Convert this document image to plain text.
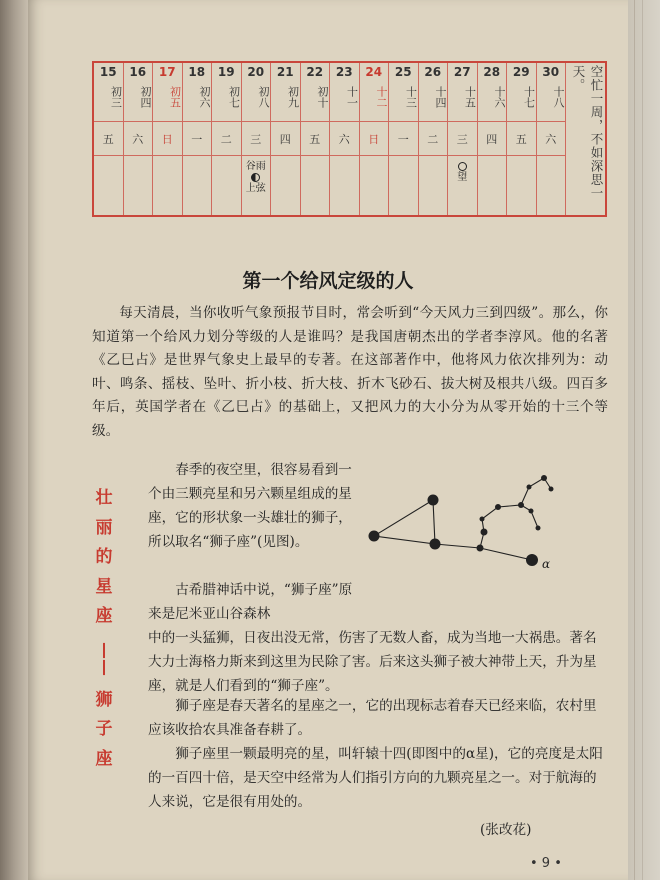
15
初三
五
16
初四
六
17
初五
日
18
初六
一
19
初七
二
20
初八
三
谷雨
上弦
21
初九
四
22
初十
五
23
十一
六
24
十二
日
25
十三
一
26
十四
二
27
十五
三
望
28
十六
四
29
十七
五
30
十八
六	空忙一周，不如深思一天。
第一个给风定级的人

每天清晨，当你收听气象预报节目时，常会听到“今天风力三到四级”。那么，你知道第一个给风力划分等级的人是谁吗？是我国唐朝杰出的学者李淳风。他的名著《乙巳占》是世界气象史上最早的专著。在这部著作中，他将风力依次排列为：动叶、鸣条、摇枝、坠叶、折小枝、折大枝、折木飞砂石、拔大树及根共八级。四百多年后，英国学者在《乙巳占》的基础上，又把风力的大小分为从零开始的十三个等级。

壮
丽
的
星
座
——
狮
子
座

春季的夜空里，很容易看到一个由三颗亮星和另六颗星组成的星座，它的形状象一头雄壮的狮子，所以取名“狮子座”(见图)。

古希腊神话中说，“狮子座”原来是尼米亚山谷森林

中的一头猛狮，日夜出没无常，伤害了无数人畜，成为当地一大祸患。著名大力士海格力斯来到这里为民除了害。后来这头狮子被大神带上天，升为星座，就是人们看到的“狮子座”。

狮子座是春天著名的星座之一，它的出现标志着春天已经来临，农村里应该收拾农具准备春耕了。

狮子座里一颗最明亮的星，叫轩辕十四(即图中的α星)，它的亮度是太阳的一百四十倍，是天空中经常为人们指引方向的九颗亮星之一。对于航海的人来说，它是很有用处的。

(张改花)
• 9 •
α
